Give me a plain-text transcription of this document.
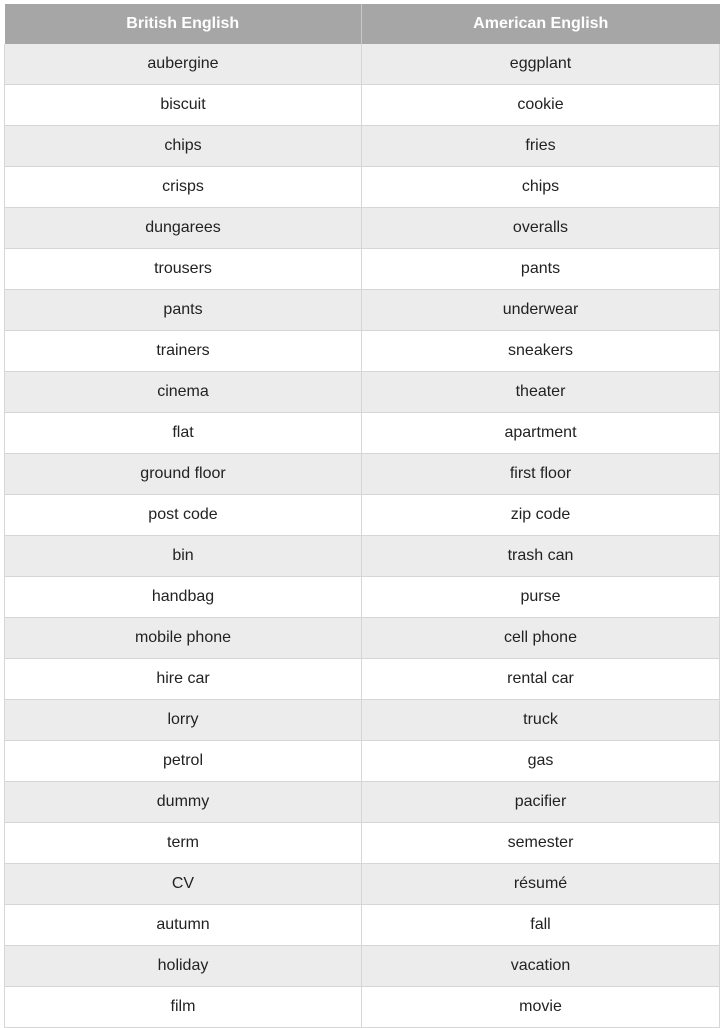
British English	American English
aubergine	eggplant
biscuit	cookie
chips	fries
crisps	chips
dungarees	overalls
trousers	pants
pants	underwear
trainers	sneakers
cinema	theater
flat	apartment
ground floor	first floor
post code	zip code
bin	trash can
handbag	purse
mobile phone	cell phone
hire car	rental car
lorry	truck
petrol	gas
dummy	pacifier
term	semester
CV	résumé
autumn	fall
holiday	vacation
film	movie
